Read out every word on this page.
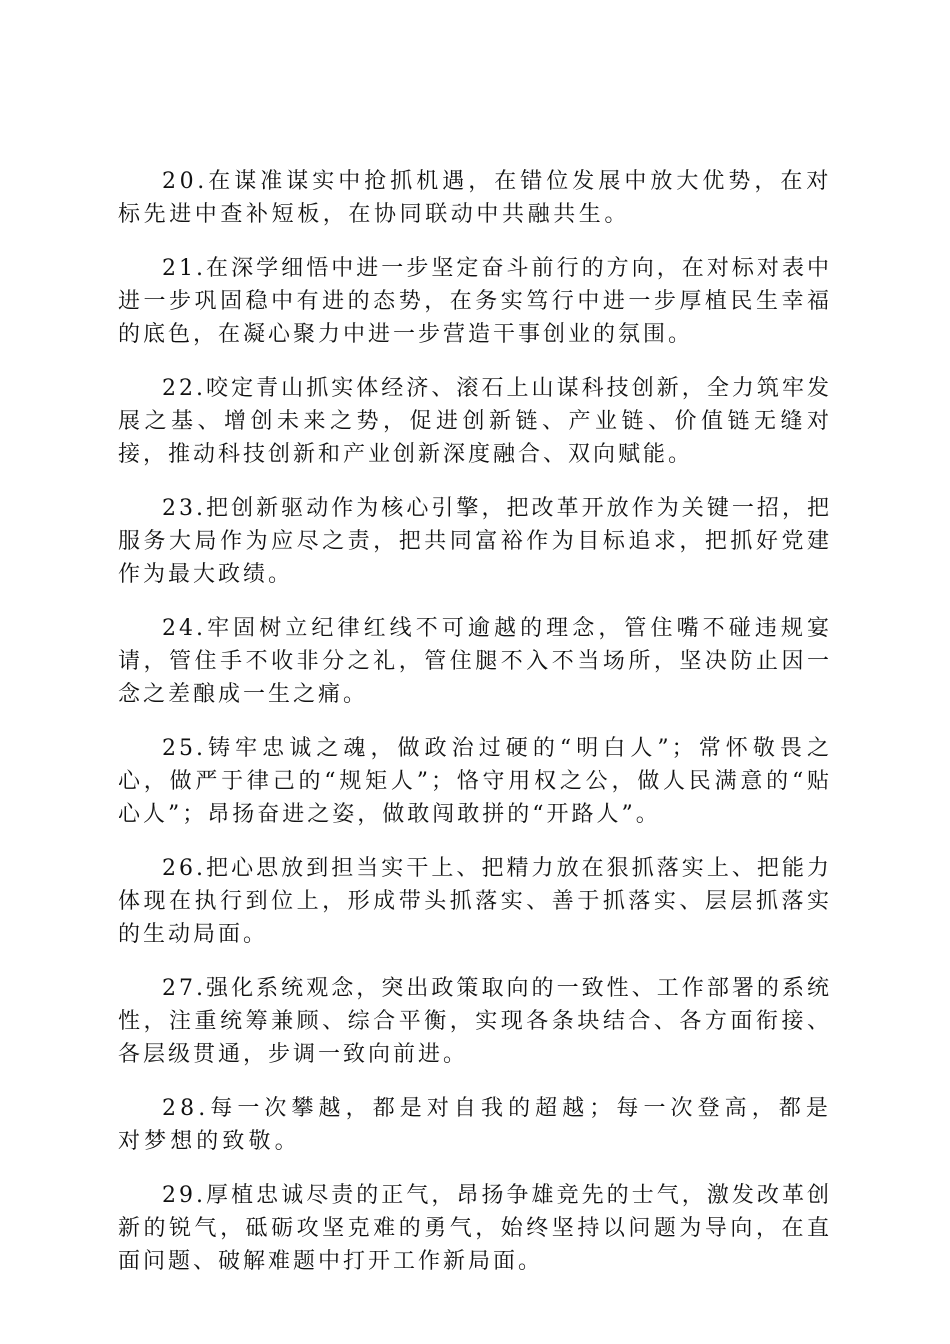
20.在谋准谋实中抢抓机遇，在错位发展中放大优势，在对标先进中查补短板，在协同联动中共融共生。

21.在深学细悟中进一步坚定奋斗前行的方向，在对标对表中进一步巩固稳中有进的态势，在务实笃行中进一步厚植民生幸福的底色，在凝心聚力中进一步营造干事创业的氛围。

22.咬定青山抓实体经济、滚石上山谋科技创新，全力筑牢发展之基、增创未来之势，促进创新链、产业链、价值链无缝对接，推动科技创新和产业创新深度融合、双向赋能。

23.把创新驱动作为核心引擎，把改革开放作为关键一招，把服务大局作为应尽之责，把共同富裕作为目标追求，把抓好党建作为最大政绩。

24.牢固树立纪律红线不可逾越的理念，管住嘴不碰违规宴请，管住手不收非分之礼，管住腿不入不当场所，坚决防止因一念之差酿成一生之痛。

25.铸牢忠诚之魂，做政治过硬的“明白人”；常怀敬畏之心，做严于律己的“规矩人”；恪守用权之公，做人民满意的“贴心人”；昂扬奋进之姿，做敢闯敢拼的“开路人”。

26.把心思放到担当实干上、把精力放在狠抓落实上、把能力体现在执行到位上，形成带头抓落实、善于抓落实、层层抓落实的生动局面。

27.强化系统观念，突出政策取向的一致性、工作部署的系统性，注重统筹兼顾、综合平衡，实现各条块结合、各方面衔接、各层级贯通，步调一致向前进。

28.每一次攀越，都是对自我的超越；每一次登高，都是对梦想的致敬。

29.厚植忠诚尽责的正气，昂扬争雄竞先的士气，激发改革创新的锐气，砥砺攻坚克难的勇气，始终坚持以问题为导向，在直面问题、破解难题中打开工作新局面。
